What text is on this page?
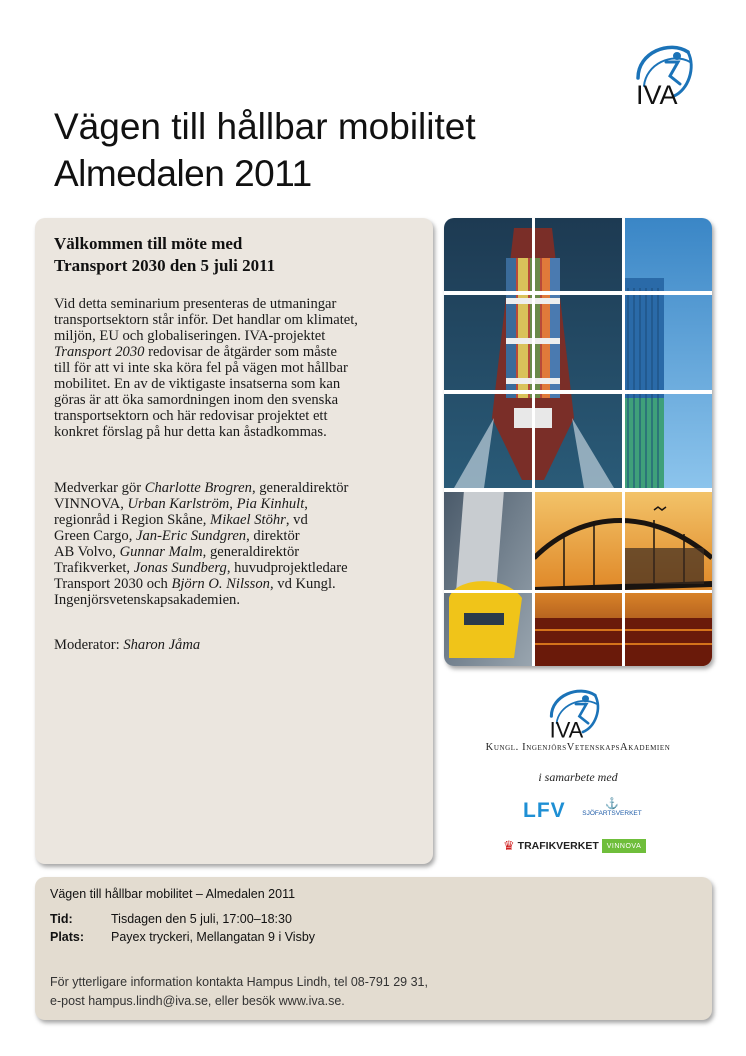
IVA
Vägen till hållbar mobilitet
Almedalen 2011
Välkommen till möte med
Transport 2030 den 5 juli 2011
Vid detta seminarium presenteras de utmaningar
transportsektorn står inför. Det handlar om klimatet,
miljön, EU och globaliseringen. IVA-projektet
Transport 2030 redovisar de åtgärder som måste
till för att vi inte ska köra fel på vägen mot hållbar
mobilitet. En av de viktigaste insatserna som kan
göras är att öka samordningen inom den svenska
transportsektorn och här redovisar projektet ett
konkret förslag på hur detta kan åstadkommas.
Medverkar gör Charlotte Brogren, generaldirektör
VINNOVA, Urban Karlström, Pia Kinhult,
regionråd i Region Skåne, Mikael Stöhr, vd
Green Cargo, Jan-Eric Sundgren, direktör
AB Volvo, Gunnar Malm, generaldirektör
Trafikverket, Jonas Sundberg, huvudprojektledare
Transport 2030 och Björn O. Nilsson, vd Kungl.
Ingenjörsvetenskapsakademien.
Moderator: Sharon Jåma
IVA
Kungl. IngenjörsVetenskapsAkademien
i samarbete med
LFV	⚓
SJÖFARTSVERKET
♛ TRAFIKVERKET	VINNOVA
Vägen till hållbar mobilitet – Almedalen 2011
Tid:	Tisdagen den 5 juli, 17:00–18:30
Plats: Payex tryckeri, Mellangatan 9 i Visby
För ytterligare information kontakta Hampus Lindh, tel 08-791 29 31,
e-post hampus.lindh@iva.se, eller besök www.iva.se.
